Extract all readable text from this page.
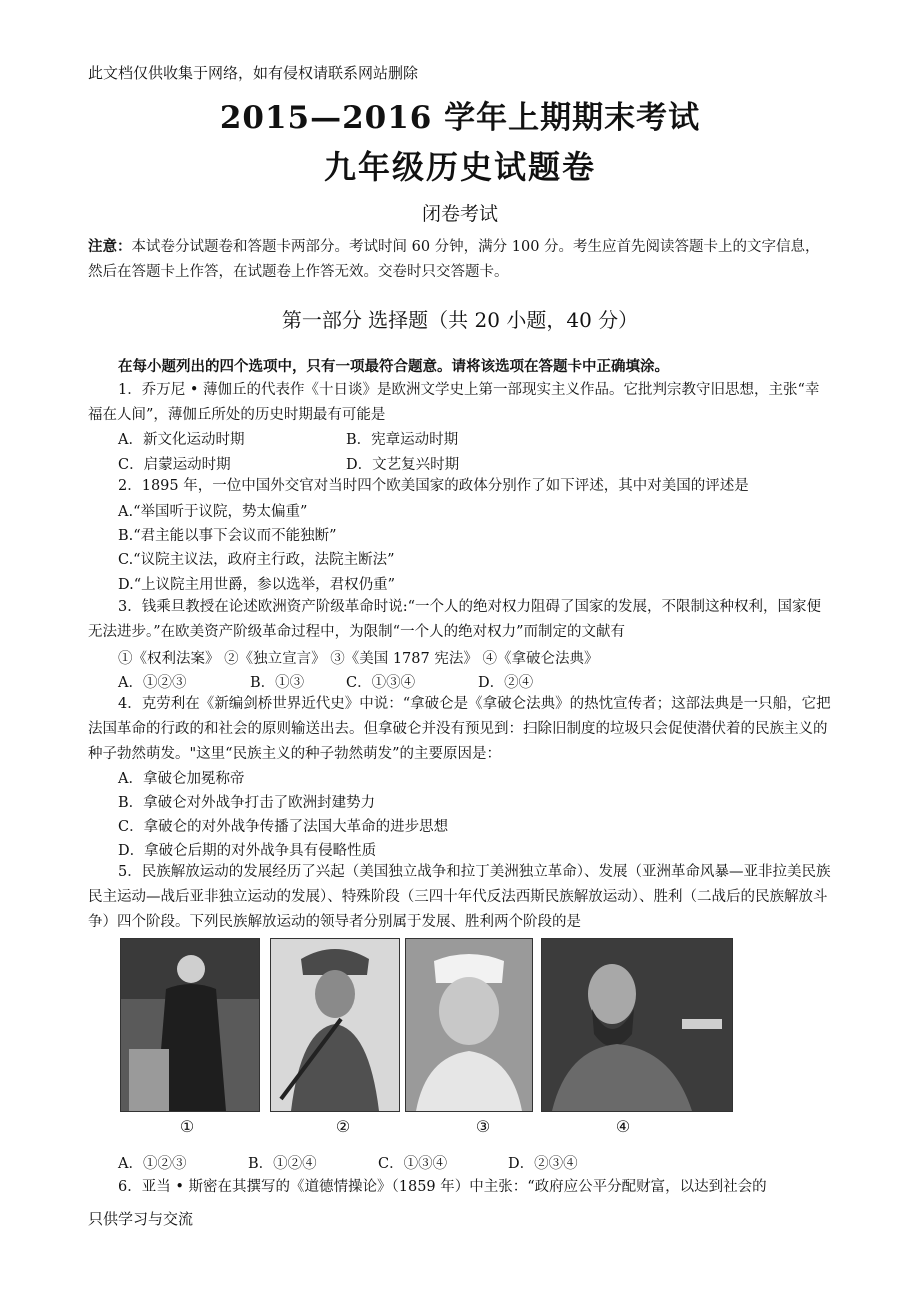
此文档仅供收集于网络，如有侵权请联系网站删除
2015—2016 学年上期期末考试
九年级历史试题卷
闭卷考试
注意：本试卷分试题卷和答题卡两部分。考试时间 60 分钟，满分 100 分。考生应首先阅读答题卡上的文字信息，然后在答题卡上作答，在试题卷上作答无效。交卷时只交答题卡。
第一部分 选择题（共 20 小题，40 分）
在每小题列出的四个选项中，只有一项最符合题意。请将该选项在答题卡中正确填涂。
1．乔万尼 • 薄伽丘的代表作《十日谈》是欧洲文学史上第一部现实主义作品。它批判宗教守旧思想，主张“幸福在人间”，薄伽丘所处的历史时期最有可能是
A．新文化运动时期	B．宪章运动时期
C．启蒙运动时期	D．文艺复兴时期
2．1895 年，一位中国外交官对当时四个欧美国家的政体分别作了如下评述，其中对美国的评述是
A.“举国听于议院，势太偏重”
B.“君主能以事下会议而不能独断”
C.“议院主议法，政府主行政，法院主断法”
D.“上议院主用世爵，参以选举，君权仍重”
3．钱乘旦教授在论述欧洲资产阶级革命时说:“一个人的绝对权力阻碍了国家的发展，不限制这种权利，国家便无法进步。”在欧美资产阶级革命过程中，为限制“一个人的绝对权力”而制定的文献有
①《权利法案》 ②《独立宣言》 ③《美国 1787 宪法》 ④《拿破仑法典》
A．①②③	B．①③	C．①③④	D．②④
4．克劳利在《新编剑桥世界近代史》中说：“拿破仑是《拿破仑法典》的热忱宣传者；这部法典是一只船，它把法国革命的行政的和社会的原则输送出去。但拿破仑并没有预见到：扫除旧制度的垃圾只会促使潜伏着的民族主义的种子勃然萌发。"这里“民族主义的种子勃然萌发”的主要原因是：
A．拿破仑加冕称帝
B．拿破仑对外战争打击了欧洲封建势力
C．拿破仑的对外战争传播了法国大革命的进步思想
D．拿破仑后期的对外战争具有侵略性质
5．民族解放运动的发展经历了兴起（美国独立战争和拉丁美洲独立革命）、发展（亚洲革命风暴—亚非拉美民族民主运动—战后亚非独立运动的发展）、特殊阶段（三四十年代反法西斯民族解放运动）、胜利（二战后的民族解放斗争）四个阶段。下列民族解放运动的领导者分别属于发展、胜利两个阶段的是
①	②	③	④
A．①②③	B．①②④	C．①③④	D．②③④
6．亚当 • 斯密在其撰写的《道德情操论》（1859 年）中主张：“政府应公平分配财富，以达到社会的
只供学习与交流
